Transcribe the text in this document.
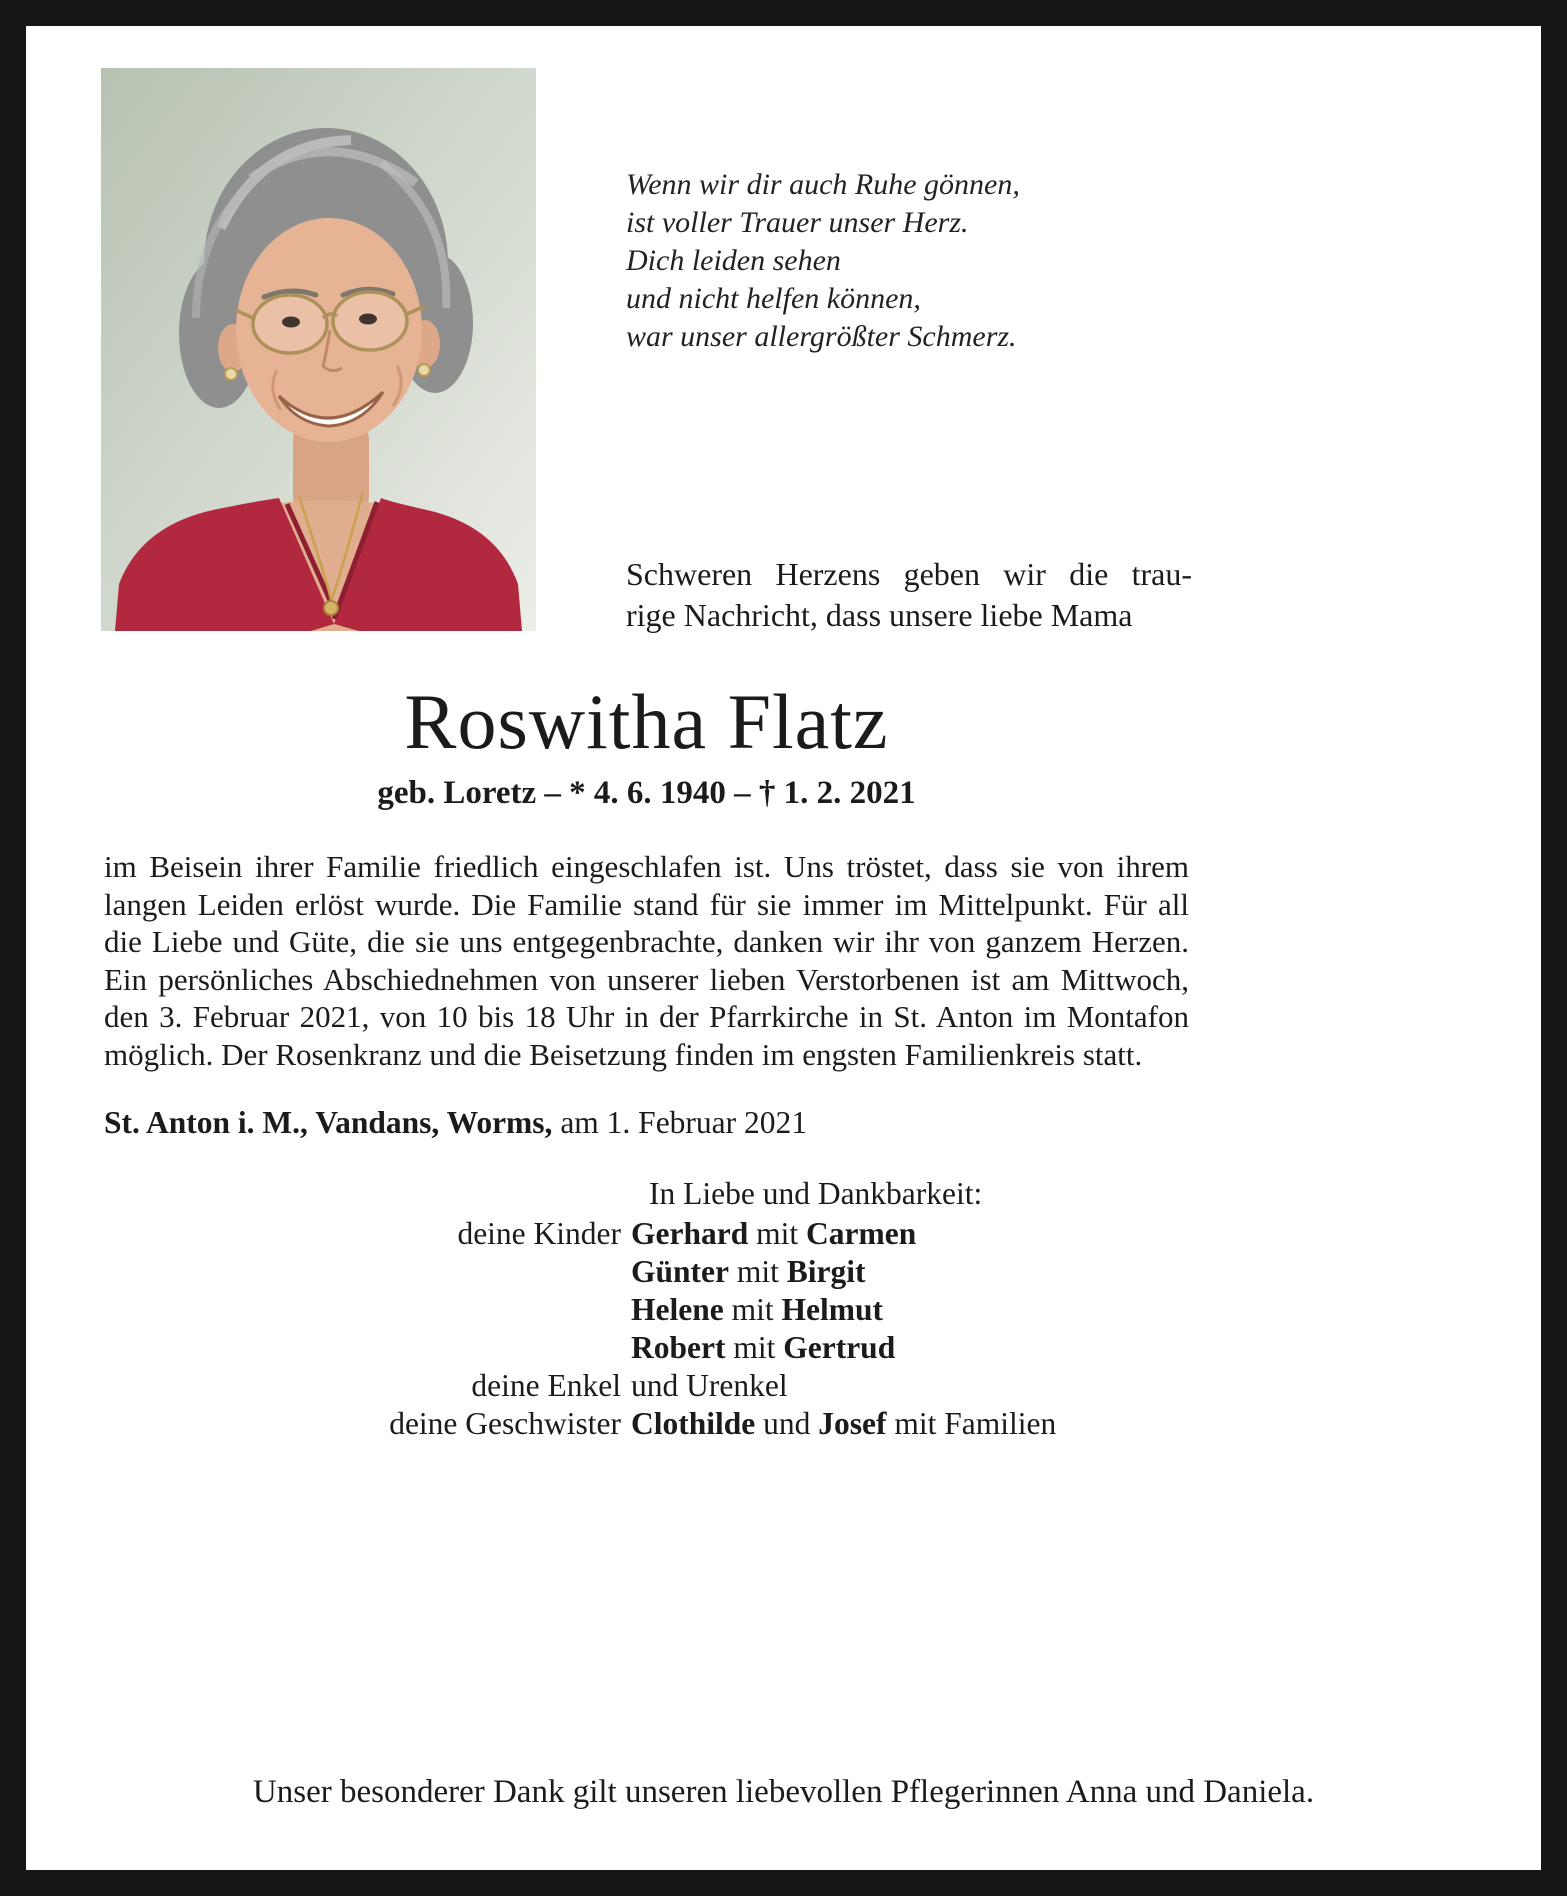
Wenn wir dir auch Ruhe gönnen,
ist voller Trauer unser Herz.
Dich leiden sehen
und nicht helfen können,
war unser allergrößter Schmerz.
Schweren Herzens geben wir die trau-
rige Nachricht, dass unsere liebe Mama
Roswitha Flatz
geb. Loretz – * 4. 6. 1940 – † 1. 2. 2021

im Beisein ihrer Familie friedlich eingeschlafen ist. Uns tröstet, dass sie von ihrem langen Leiden erlöst wurde. Die Familie stand für sie immer im Mittelpunkt. Für all die Liebe und Güte, die sie uns entgegenbrachte, danken wir ihr von ganzem Herzen. Ein persönliches Abschiednehmen von unserer lieben Verstorbenen ist am Mittwoch, den 3. Februar 2021, von 10 bis 18 Uhr in der Pfarrkirche in St. Anton im Montafon möglich. Der Rosenkranz und die Beisetzung finden im engsten Familienkreis statt.

St. Anton i. M., Vandans, Worms, am 1. Februar 2021

In Liebe und Dankbarkeit:
deine Kinder Gerhard mit Carmen
Günter mit Birgit
Helene mit Helmut
Robert mit Gertrud
deine Enkel und Urenkel
deine Geschwister Clothilde und Josef mit Familien
Unser besonderer Dank gilt unseren liebevollen Pflegerinnen Anna und Daniela.
